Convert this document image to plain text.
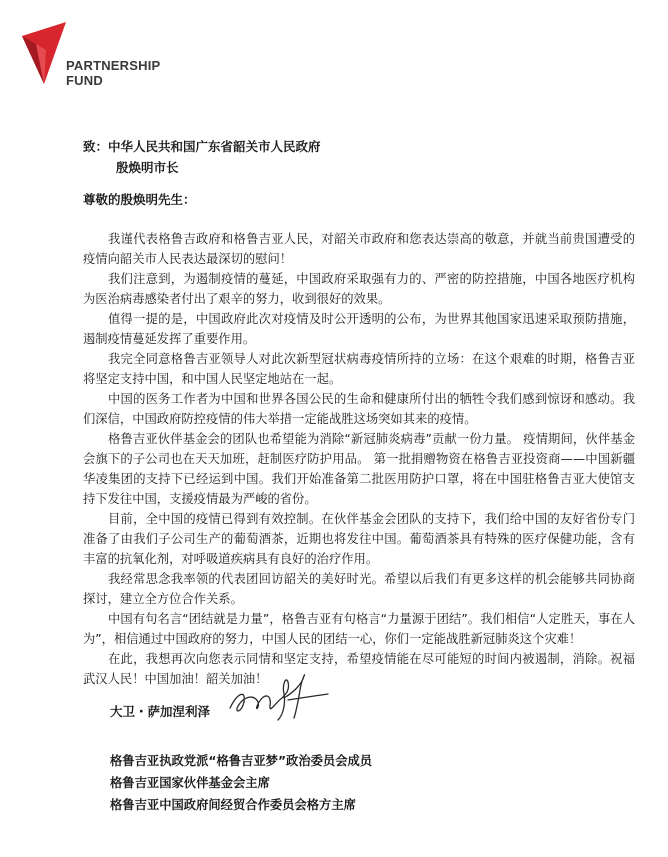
PARTNERSHIP
FUND
致：中华人民共和国广东省韶关市人民政府
殷焕明市长
尊敬的殷焕明先生：

我谨代表格鲁吉政府和格鲁吉亚人民，对韶关市政府和您表达崇高的敬意，并就当前贵国遭受的疫情向韶关市人民表达最深切的慰问！

我们注意到，为遏制疫情的蔓延，中国政府采取强有力的、严密的防控措施，中国各地医疗机构为医治病毒感染者付出了艰辛的努力，收到很好的效果。

值得一提的是，中国政府此次对疫情及时公开透明的公布，为世界其他国家迅速采取预防措施，遏制疫情蔓延发挥了重要作用。

我完全同意格鲁吉亚领导人对此次新型冠状病毒疫情所持的立场：在这个艰难的时期，格鲁吉亚将坚定支持中国，和中国人民坚定地站在一起。

中国的医务工作者为中国和世界各国公民的生命和健康所付出的牺牲令我们感到惊讶和感动。我们深信，中国政府防控疫情的伟大举措一定能战胜这场突如其来的疫情。

格鲁吉亚伙伴基金会的团队也希望能为消除“新冠肺炎病毒”贡献一份力量。 疫情期间，伙伴基金会旗下的子公司也在天天加班，赶制医疗防护用品。 第一批捐赠物资在格鲁吉亚投资商——中国新疆华凌集团的支持下已经运到中国。我们开始准备第二批医用防护口罩，将在中国驻格鲁吉亚大使馆支持下发往中国，支援疫情最为严峻的省份。

目前，全中国的疫情已得到有效控制。在伙伴基金会团队的支持下，我们给中国的友好省份专门准备了由我们子公司生产的葡萄酒茶，近期也将发往中国。葡萄酒茶具有特殊的医疗保健功能，含有丰富的抗氧化剂，对呼吸道疾病具有良好的治疗作用。

我经常思念我率领的代表团回访韶关的美好时光。希望以后我们有更多这样的机会能够共同协商探讨，建立全方位合作关系。

中国有句名言“团结就是力量”，格鲁吉亚有句格言“力量源于团结”。我们相信“人定胜天，事在人为”，相信通过中国政府的努力，中国人民的团结一心，你们一定能战胜新冠肺炎这个灾难！

在此，我想再次向您表示同情和坚定支持，希望疫情能在尽可能短的时间内被遏制，消除。祝福武汉人民！中国加油！韶关加油！

大卫・萨加涅利泽
格鲁吉亚执政党派“格鲁吉亚梦”政治委员会成员
格鲁吉亚国家伙伴基金会主席
格鲁吉亚中国政府间经贸合作委员会格方主席
